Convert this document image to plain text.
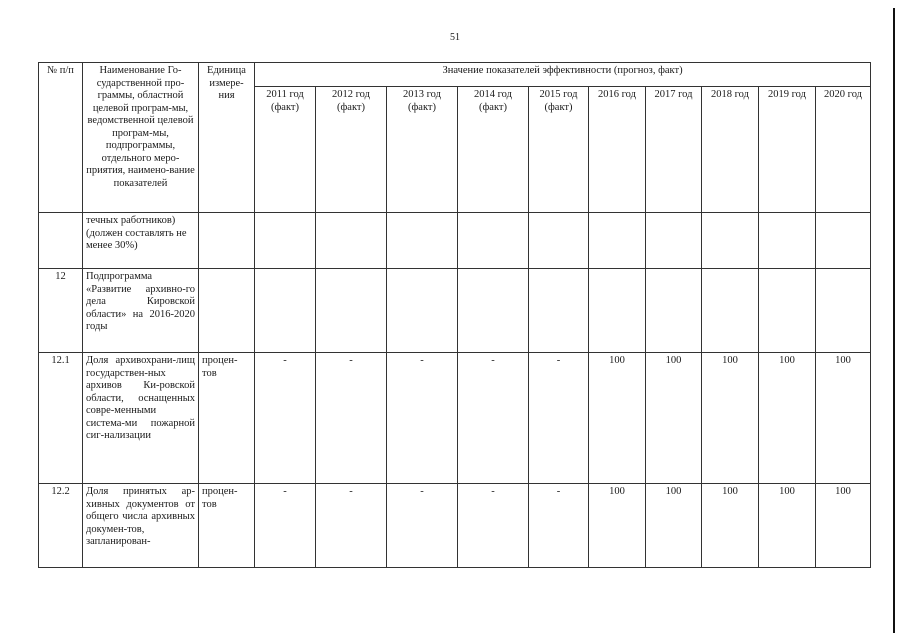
51
№ п/п	Наименование Го-сударственной про-граммы, областной целевой програм-мы, ведомственной целевой програм-мы, подпрограммы, отдельного меро-приятия, наимено-вание показателей	Единица измере-ния	Значение показателей эффективности (прогноз, факт)									
			2011 год (факт)	2012 год (факт)	2013 год (факт)	2014 год (факт)	2015 год (факт)	2016 год	2017 год	2018 год	2019 год	2020 год
	течных работников) (должен составлять не менее 30%)											
12	Подпрограмма «Развитие архивно-го дела Кировской области» на 2016-2020 годы											
12.1	Доля архивохрани-лищ государствен-ных архивов Ки-ровской области, оснащенных совре-менными система-ми пожарной сиг-нализации	процен-тов	-	-	-	-	-	100	100	100	100	100
12.2	Доля принятых ар-хивных документов от общего числа архивных докумен-тов, запланирован-	процен-тов	-	-	-	-	-	100	100	100	100	100
